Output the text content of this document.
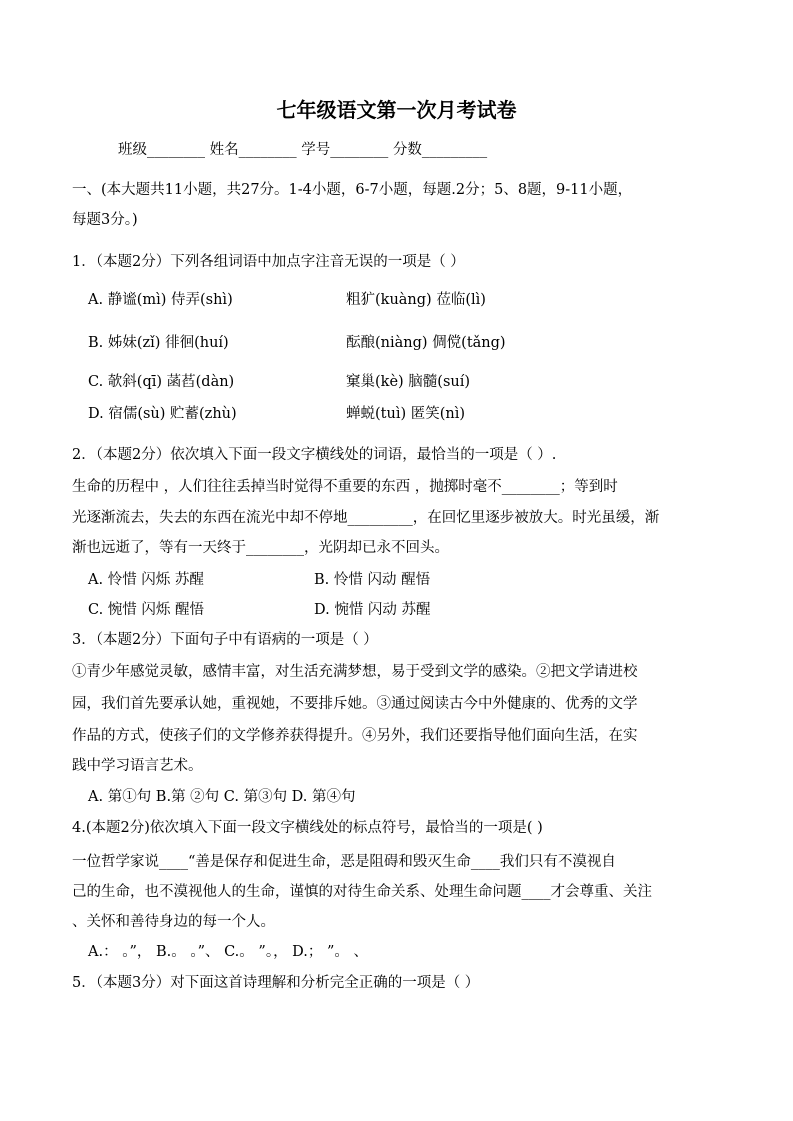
七年级语文第一次月考试卷
班级________ 姓名________ 学号________ 分数_________
一、(本大题共11小题，共27分。1-4小题，6-7小题，每题.2分；5、8题，9-11小题，
每题3分。)
1．（本题2分）下列各组词语中加点字注音无误的一项是（ ）
A. 静谧(mì) 侍弄(shì)	粗犷(kuàng) 莅临(lì)
B. 姊妹(zǐ) 徘徊(huí)	酝酿(niàng) 倜傥(tǎng)
C. 欹斜(qī) 菡萏(dàn)	窠巢(kè) 脑髓(suí)
D. 宿儒(sù) 贮蓄(zhù)	蝉蜕(tuì) 匿笑(nì)
2．（本题2分）依次填入下面一段文字横线处的词语，最恰当的一项是（ ）.
生命的历程中 ，人们往往丢掉当时觉得不重要的东西 ，抛掷时毫不________；等到时
光逐渐流去，失去的东西在流光中却不停地_________，在回忆里逐步被放大。时光虽缓，渐
渐也远逝了，等有一天终于________，光阴却已永不回头。
A. 怜惜 闪烁 苏醒	B. 怜惜 闪动 醒悟
C. 惋惜 闪烁 醒悟	D. 惋惜 闪动 苏醒
3．（本题2分）下面句子中有语病的一项是（ ）
①青少年感觉灵敏，感情丰富，对生活充满梦想，易于受到文学的感染。②把文学请进校
园，我们首先要承认她，重视她，不要排斥她。③通过阅读古今中外健康的、优秀的文学
作品的方式，使孩子们的文学修养获得提升。④另外，我们还要指导他们面向生活，在实
践中学习语言艺术。
A. 第①句 B.第 ②句 C. 第③句 D. 第④句
4.(本题2分)依次填入下面一段文字横线处的标点符号，最恰当的一项是( )
一位哲学家说____“善是保存和促进生命，恶是阻碍和毁灭生命____我们只有不漠视自
己的生命，也不漠视他人的生命，谨慎的对待生命关系、处理生命问题____才会尊重、关注
、关怀和善待身边的每一个人。
A.： 。”， B.。 。”、 C.。 ”。， D.； ”。 、
5．（本题3分）对下面这首诗理解和分析完全正确的一项是（ ）
